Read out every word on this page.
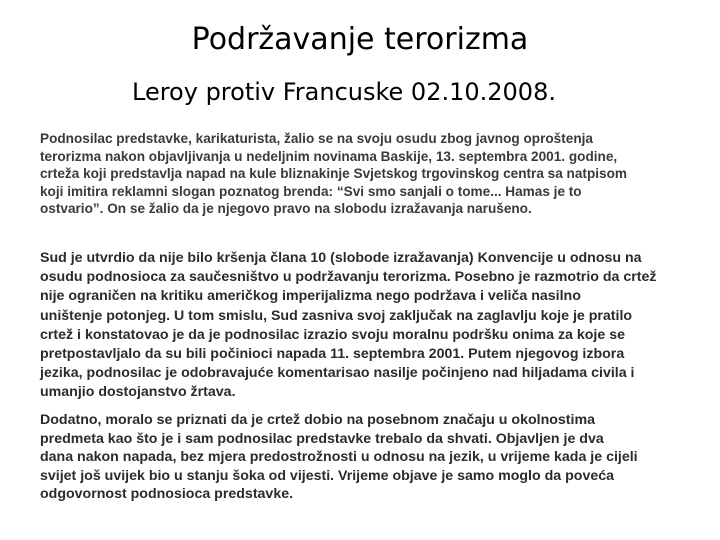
Podržavanje terorizma
Leroy protiv Francuske 02.10.2008.
Podnosilac predstavke, karikaturista, žalio se na svoju osudu zbog javnog oproštenja
terorizma nakon objavljivanja u nedeljnim novinama Baskije, 13. septembra 2001. godine,
crteža koji predstavlja napad na kule bliznakinje Svjetskog trgovinskog centra sa natpisom
koji imitira reklamni slogan poznatog brenda: “Svi smo sanjali o tome... Hamas je to
ostvario”. On se žalio da je njegovo pravo na slobodu izražavanja narušeno.
Sud je utvrdio da nije bilo kršenja člana 10 (slobode izražavanja) Konvencije u odnosu na
osudu podnosioca za saučesništvo u podržavanju terorizma. Posebno je razmotrio da crtež
nije ograničen na kritiku američkog imperijalizma nego podržava i veliča nasilno
uništenje potonjeg. U tom smislu, Sud zasniva svoj zaključak na zaglavlju koje je pratilo
crtež i konstatovao je da je podnosilac izrazio svoju moralnu podršku onima za koje se
pretpostavljalo da su bili počinioci napada 11. septembra 2001. Putem njegovog izbora
jezika, podnosilac je odobravajuće komentarisao nasilje počinjeno nad hiljadama civila i
umanjio dostojanstvo žrtava.
Dodatno, moralo se priznati da je crtež dobio na posebnom značaju u okolnostima
predmeta kao što je i sam podnosilac predstavke trebalo da shvati. Objavljen je dva
dana nakon napada, bez mjera predostrožnosti u odnosu na jezik, u vrijeme kada je cijeli
svijet još uvijek bio u stanju šoka od vijesti. Vrijeme objave je samo moglo da poveća
odgovornost podnosioca predstavke.
